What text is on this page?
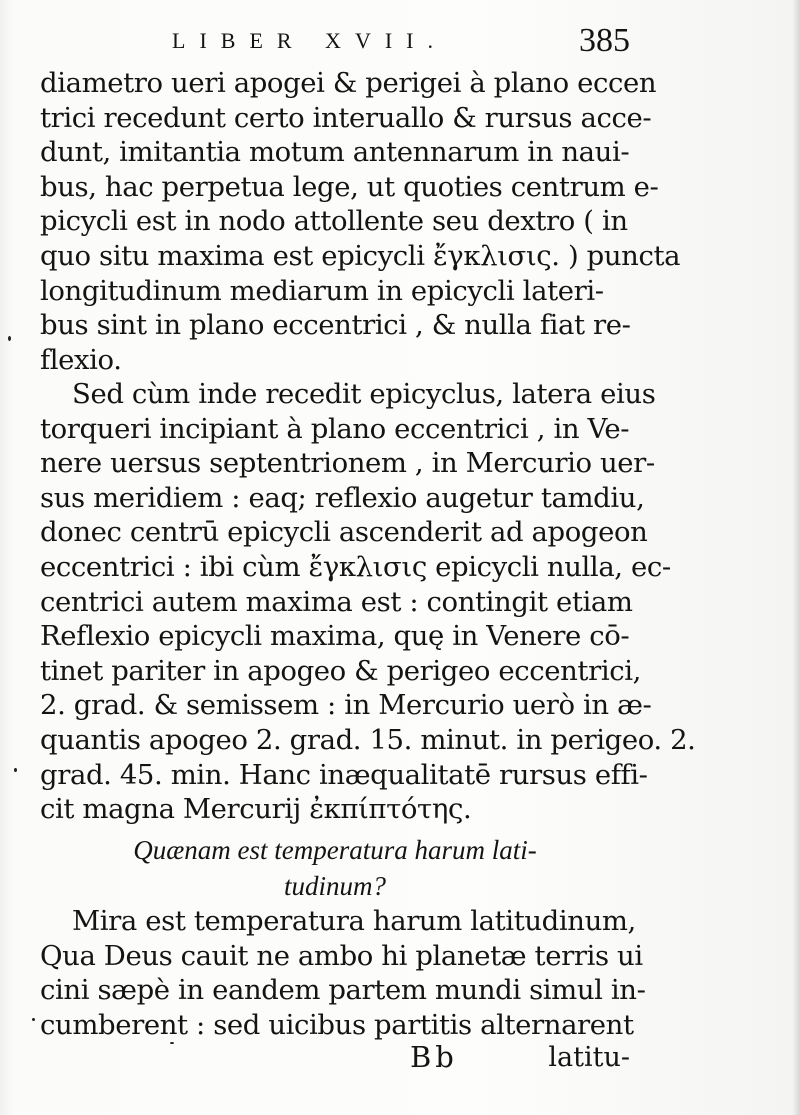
LIBER XVII.	385
diametro ueri apogei & perigei à plano eccen
trici recedunt certo interuallo & rursus acce-
dunt, imitantia motum antennarum in naui-
bus, hac perpetua lege, ut quoties centrum e-
picycli est in nodo attollente seu dextro ( in
quo situ maxima est epicycli ἔγκλισις. ) puncta
longitudinum mediarum in epicycli lateri-
bus sint in plano eccentrici , & nulla fiat re-
flexio.
Sed cùm inde recedit epicyclus, latera eius
torqueri incipiant à plano eccentrici , in Ve-
nere uersus septentrionem , in Mercurio uer-
sus meridiem : eaq; reflexio augetur tamdiu,
donec centrū epicycli ascenderit ad apogeon
eccentrici : ibi cùm ἔγκλισις epicycli nulla, ec-
centrici autem maxima est : contingit etiam
Reflexio epicycli maxima, quę in Venere cō-
tinet pariter in apogeo & perigeo eccentrici,
2. grad. & semissem : in Mercurio uerò in æ-
quantis apogeo 2. grad. 15. minut. in perigeo. 2.
grad. 45. min. Hanc inæqualitatē rursus effi-
cit magna Mercurij ἐκπίπτότης.
Quænam est temperatura harum lati-
tudinum?
Mira est temperatura harum latitudinum,
Qua Deus cauit ne ambo hi planetæ terris ui
cini sæpè in eandem partem mundi simul in-
cumberent : sed uicibus partitis alternarent
Bb	latitu-
